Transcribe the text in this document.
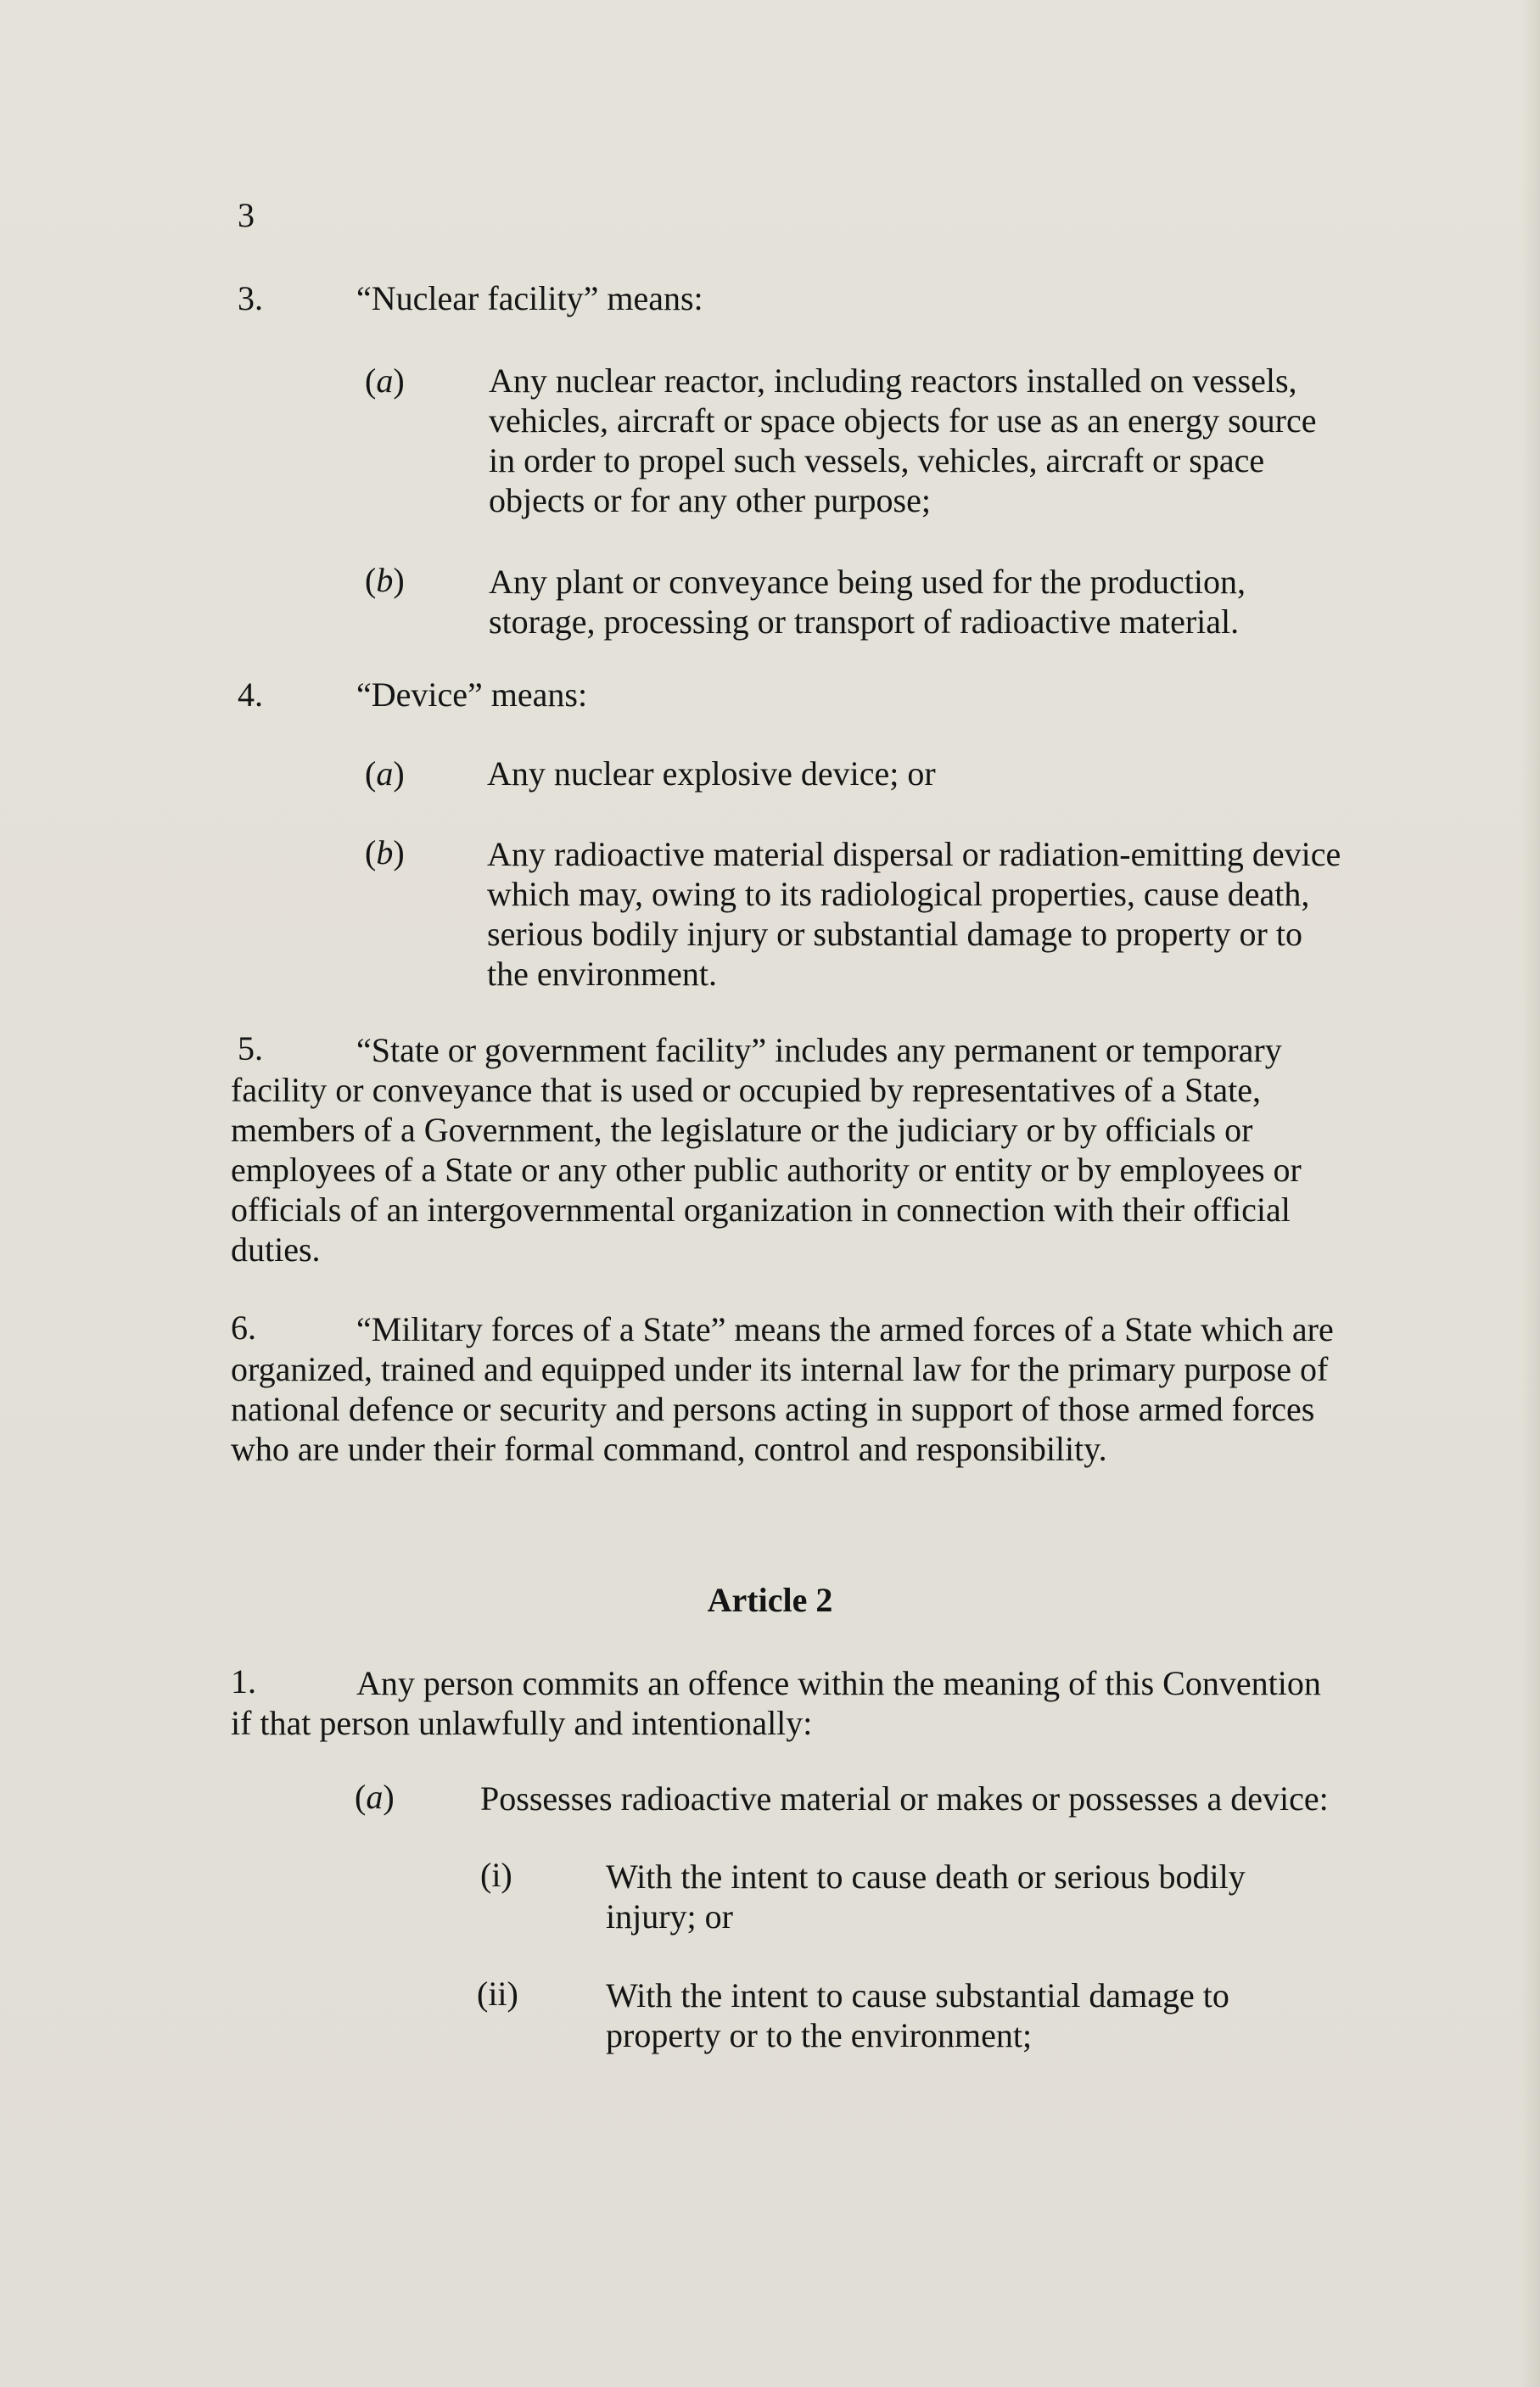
3
3.	“Nuclear facility” means:
(a) Any nuclear reactor, including reactors installed on vessels,
vehicles, aircraft or space objects for use as an energy source
in order to propel such vessels, vehicles, aircraft or space
objects or for any other purpose;
(b) Any plant or conveyance being used for the production,
storage, processing or transport of radioactive material.
4.	“Device” means:
(a) Any nuclear explosive device; or
(b) Any radioactive material dispersal or radiation-emitting device
which may, owing to its radiological properties, cause death,
serious bodily injury or substantial damage to property or to
the environment.
5.	“State or government facility” includes any permanent or temporary
facility or conveyance that is used or occupied by representatives of a State,
members of a Government, the legislature or the judiciary or by officials or
employees of a State or any other public authority or entity or by employees or
officials of an intergovernmental organization in connection with their official
duties.
6.	“Military forces of a State” means the armed forces of a State which are
organized, trained and equipped under its internal law for the primary purpose of
national defence or security and persons acting in support of those armed forces
who are under their formal command, control and responsibility.
Article 2
1.	Any person commits an offence within the meaning of this Convention
if that person unlawfully and intentionally:
(a)	Possesses radioactive material or makes or possesses a device:
(i)	With the intent to cause death or serious bodily
injury; or
(ii)	With the intent to cause substantial damage to
property or to the environment;
